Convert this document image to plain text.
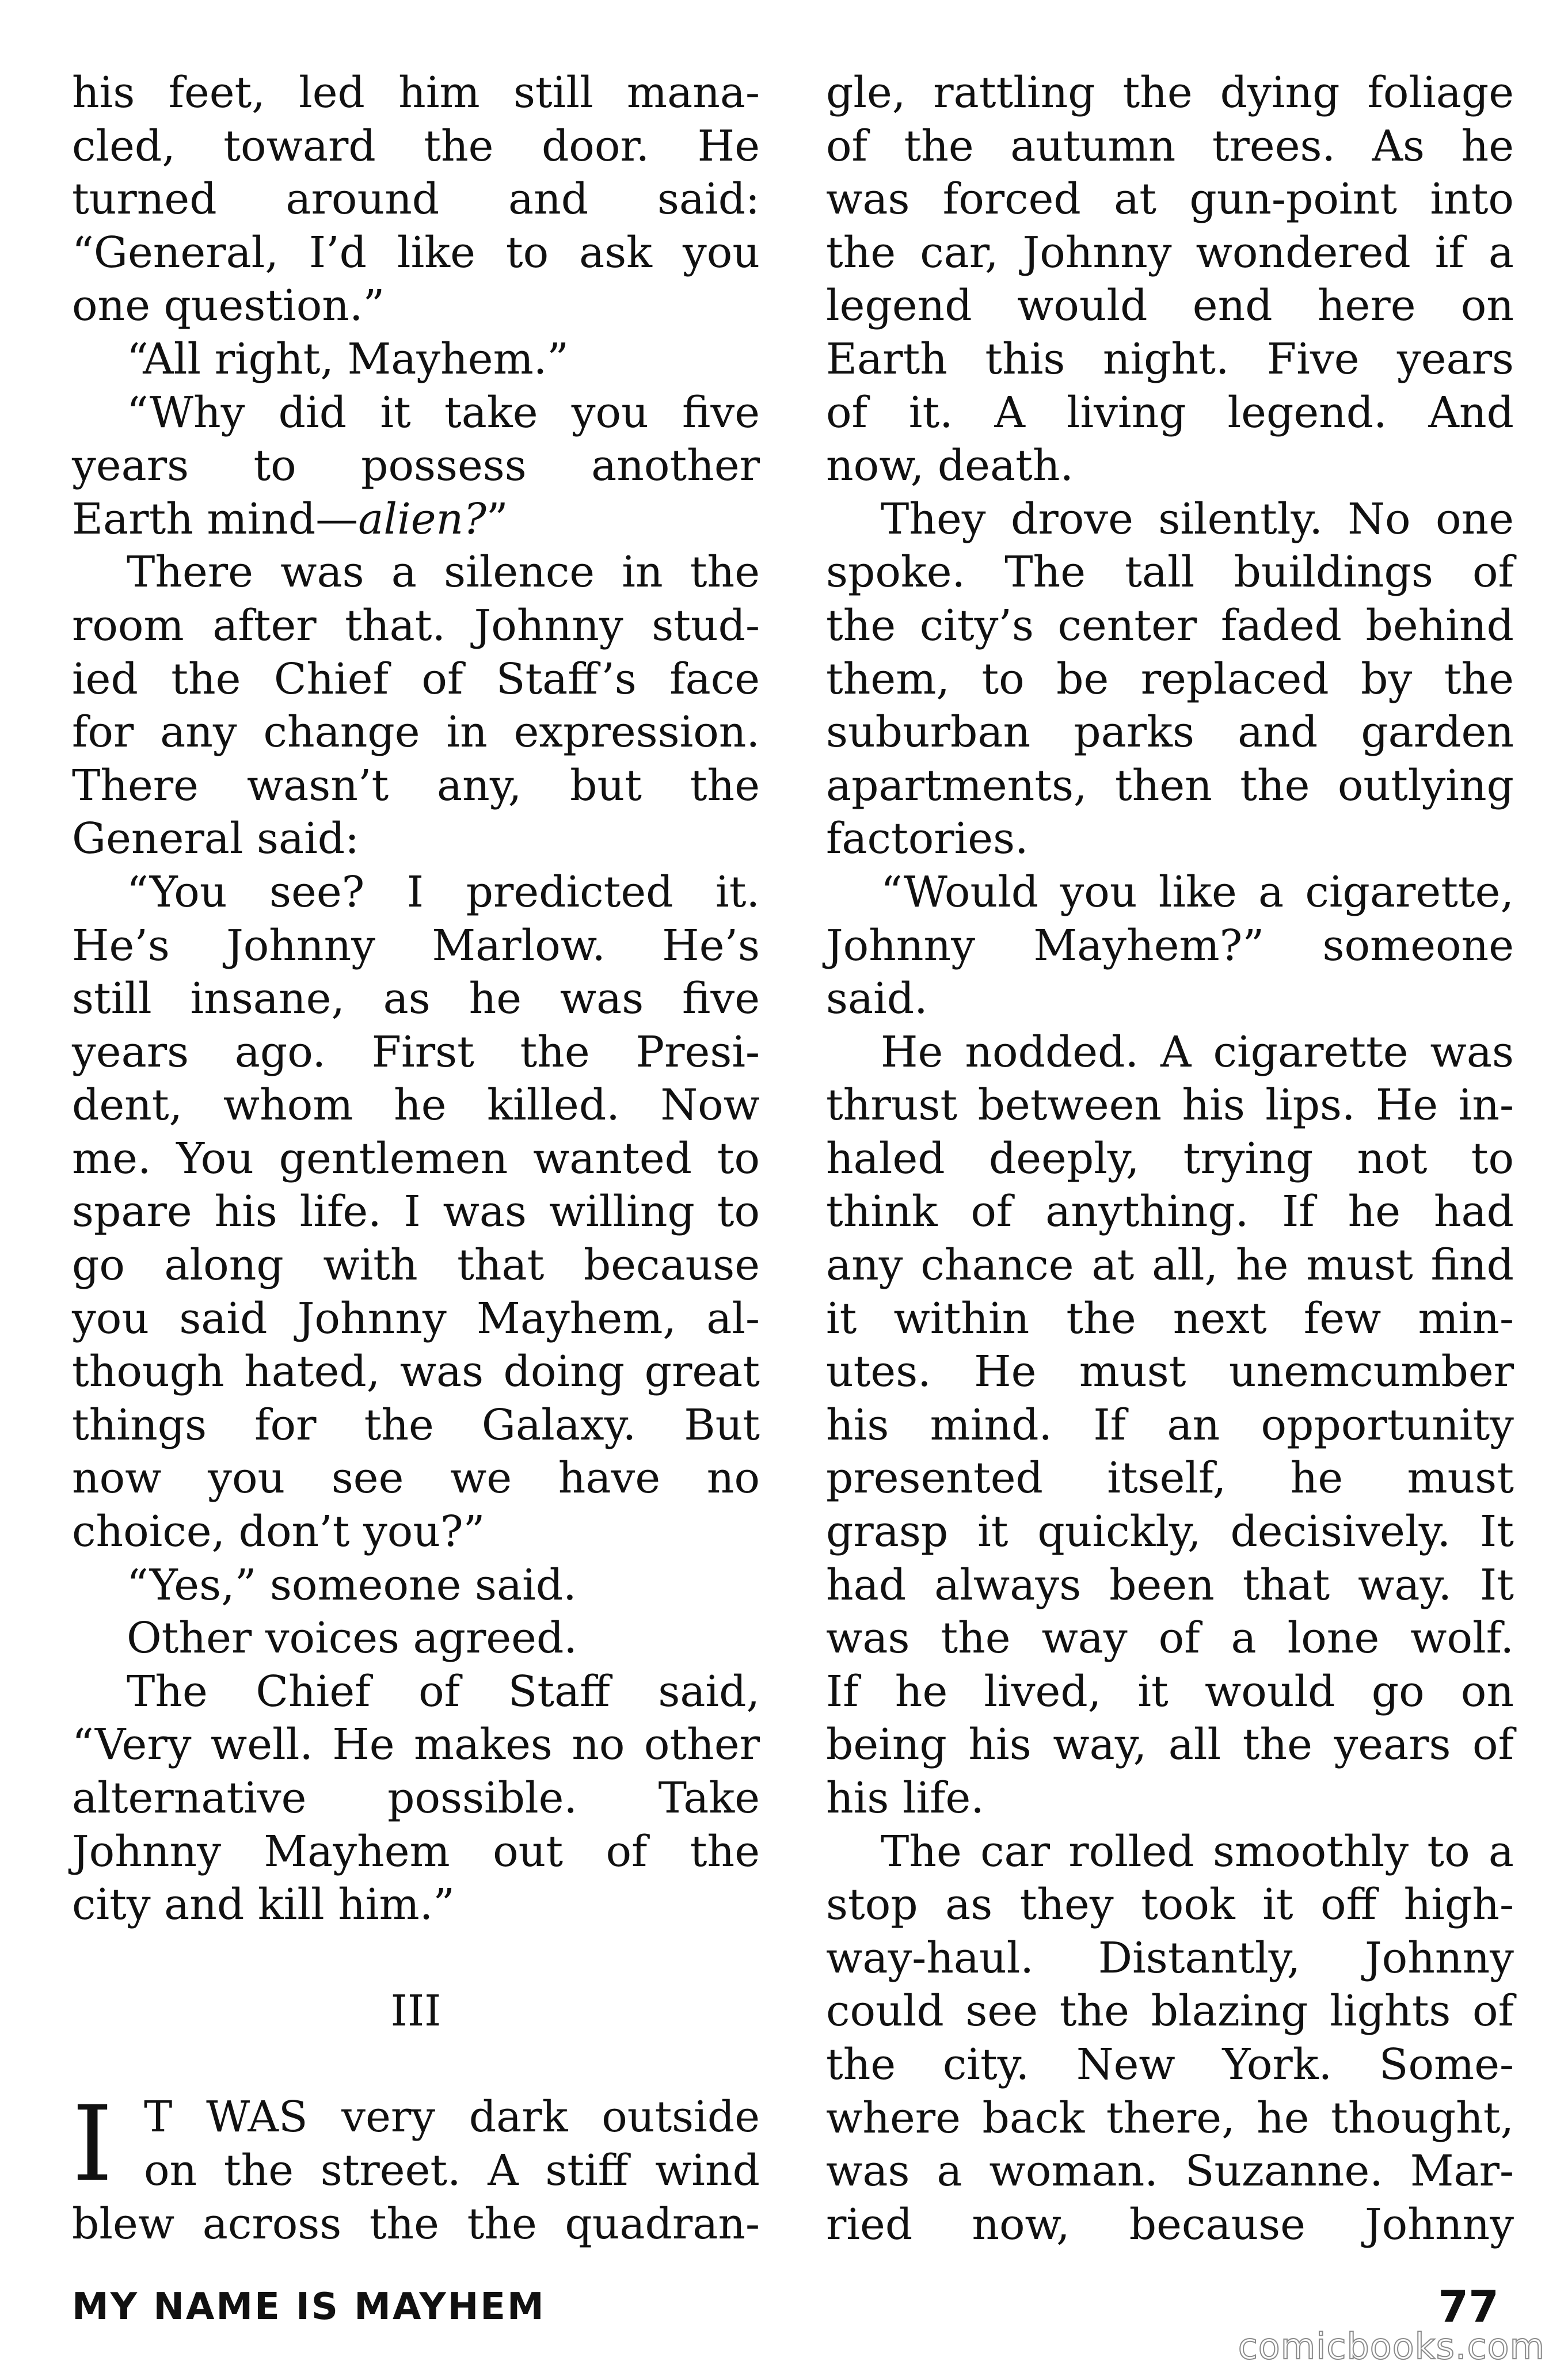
his feet, led him still mana-
cled, toward the door. He
turned around and said:
“General, I’d like to ask you
one question.”
“All right, Mayhem.”
“Why did it take you five
years to possess another
Earth mind—alien?”
There was a silence in the
room after that. Johnny stud-
ied the Chief of Staff’s face
for any change in expression.
There wasn’t any, but the
General said:
“You see? I predicted it.
He’s Johnny Marlow. He’s
still insane, as he was five
years ago. First the Presi-
dent, whom he killed. Now
me. You gentlemen wanted to
spare his life. I was willing to
go along with that because
you said Johnny Mayhem, al-
though hated, was doing great
things for the Galaxy. But
now you see we have no
choice, don’t you?”
“Yes,” someone said.
Other voices agreed.
The Chief of Staff said,
“Very well. He makes no other
alternative possible. Take
Johnny Mayhem out of the
city and kill him.”
III
I T WAS very dark outside
on the street. A stiff wind
blew across the the quadran-
gle, rattling the dying foliage
of the autumn trees. As he
was forced at gun-point into
the car, Johnny wondered if a
legend would end here on
Earth this night. Five years
of it. A living legend. And
now, death.
They drove silently. No one
spoke. The tall buildings of
the city’s center faded behind
them, to be replaced by the
suburban parks and garden
apartments, then the outlying
factories.
“Would you like a cigarette,
Johnny Mayhem?” someone
said.
He nodded. A cigarette was
thrust between his lips. He in-
haled deeply, trying not to
think of anything. If he had
any chance at all, he must find
it within the next few min-
utes. He must unemcumber
his mind. If an opportunity
presented itself, he must
grasp it quickly, decisively. It
had always been that way. It
was the way of a lone wolf.
If he lived, it would go on
being his way, all the years of
his life.
The car rolled smoothly to a
stop as they took it off high-
way-haul. Distantly, Johnny
could see the blazing lights of
the city. New York. Some-
where back there, he thought,
was a woman. Suzanne. Mar-
ried now, because Johnny
MY NAME IS MAYHEM	77
comicbooks.com
